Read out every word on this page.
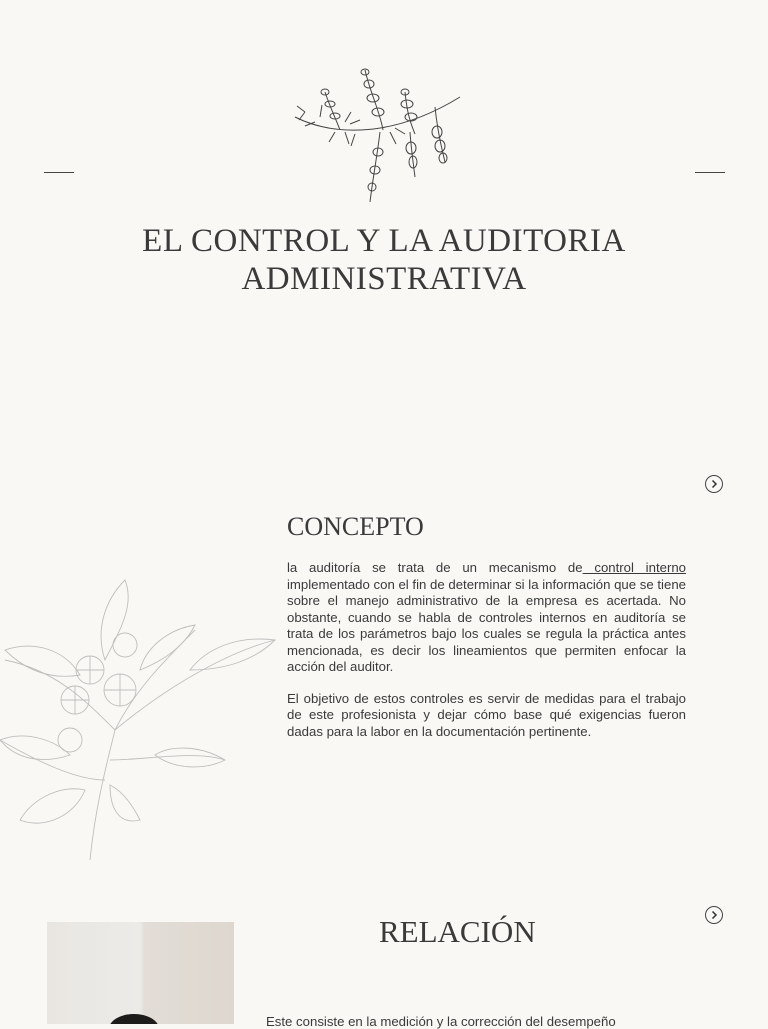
EL CONTROL Y LA AUDITORIA
ADMINISTRATIVA
CONCEPTO

la auditoría se trata de un mecanismo de control interno implementado con el fin de determinar si la información que se tiene sobre el manejo administrativo de la empresa es acertada. No obstante, cuando se habla de controles internos en auditoría se trata de los parámetros bajo los cuales se regula la práctica antes mencionada, es decir los lineamientos que permiten enfocar la acción del auditor.

El objetivo de estos controles es servir de medidas para el trabajo de este profesionista y dejar cómo base qué exigencias fueron dadas para la labor en la documentación pertinente.

RELACIÓN
Este consiste en la medición y la corrección del desempeño
